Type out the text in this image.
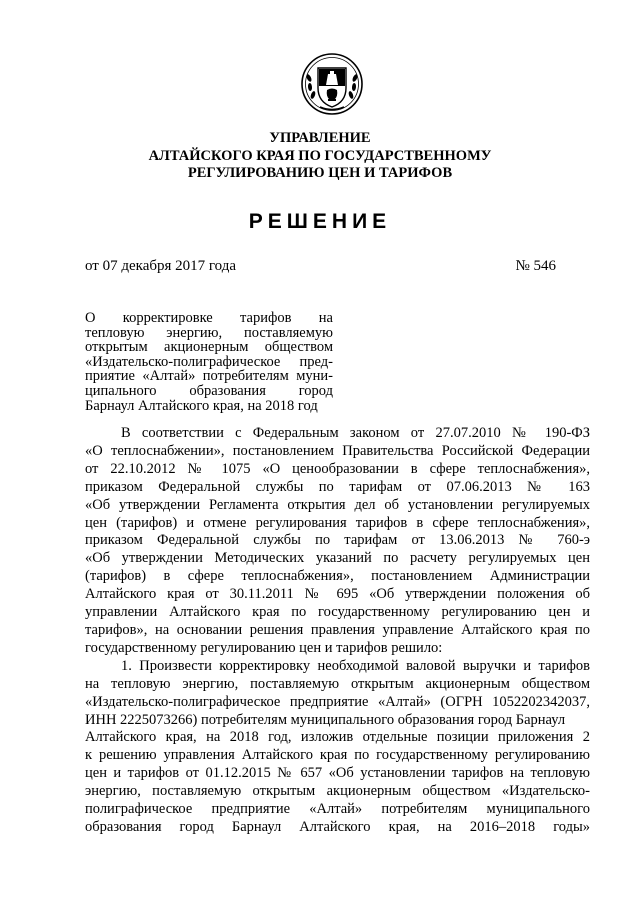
УПРАВЛЕНИЕ
АЛТАЙСКОГО КРАЯ ПО ГОСУДАРСТВЕННОМУ
РЕГУЛИРОВАНИЮ ЦЕН И ТАРИФОВ
РЕШЕНИЕ
от 07 декабря 2017 года	№ 546
О корректировке тарифов на
тепловую энергию, поставляемую
открытым акционерным обществом
«Издательско-полиграфическое пред-
приятие «Алтай» потребителям муни-
ципального образования город
Барнаул Алтайского края, на 2018 год

В соответствии с Федеральным законом от 27.07.2010 № 190-ФЗ
«О теплоснабжении», постановлением Правительства Российской Федерации
от 22.10.2012 № 1075 «О ценообразовании в сфере теплоснабжения»,
приказом Федеральной службы по тарифам от 07.06.2013 № 163
«Об утверждении Регламента открытия дел об установлении регулируемых
цен (тарифов) и отмене регулирования тарифов в сфере теплоснабжения»,
приказом Федеральной службы по тарифам от 13.06.2013 № 760-э
«Об утверждении Методических указаний по расчету регулируемых цен
(тарифов) в сфере теплоснабжения», постановлением Администрации
Алтайского края от 30.11.2011 № 695 «Об утверждении положения об
управлении Алтайского края по государственному регулированию цен и
тарифов», на основании решения правления управление Алтайского края по
государственному регулированию цен и тарифов решило:

1. Произвести корректировку необходимой валовой выручки и тарифов
на тепловую энергию, поставляемую открытым акционерным обществом
«Издательско-полиграфическое предприятие «Алтай» (ОГРН 1052202342037,
ИНН 2225073266) потребителям муниципального образования город Барнаул
Алтайского края, на 2018 год, изложив отдельные позиции приложения 2
к решению управления Алтайского края по государственному регулированию
цен и тарифов от 01.12.2015 № 657 «Об установлении тарифов на тепловую
энергию, поставляемую открытым акционерным обществом «Издательско-
полиграфическое предприятие «Алтай» потребителям муниципального
образования город Барнаул Алтайского края, на 2016–2018 годы»
